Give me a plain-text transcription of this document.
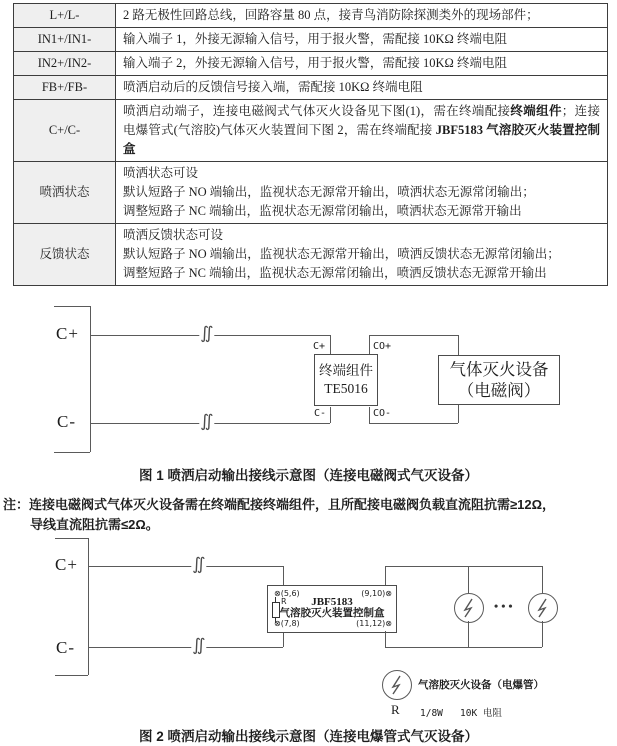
L+/L-	2 路无极性回路总线，回路容量 80 点，接青鸟消防除探测类外的现场部件；
IN1+/IN1-	输入端子 1，外接无源输入信号，用于报火警，需配接 10KΩ 终端电阻
IN2+/IN2-	输入端子 2，外接无源输入信号，用于报火警，需配接 10KΩ 终端电阻
FB+/FB-	喷洒启动后的反馈信号接入端，需配接 10KΩ 终端电阻
C+/C-	喷洒启动端子，连接电磁阀式气体灭火设备见下图(1)，需在终端配接终端组件；连接电爆管式(气溶胶)气体灭火装置间下图 2，需在终端配接 JBF5183 气溶胶灭火装置控制盒
喷洒状态	喷洒状态可设
默认短路子 NO 端输出，监视状态无源常开输出，喷洒状态无源常闭输出；
调整短路子 NC 端输出，监视状态无源常闭输出，喷洒状态无源常开输出

反馈状态	喷洒反馈状态可设
默认短路子 NO 端输出，监视状态无源常开输出，喷洒反馈状态无源常闭输出；
调整短路子 NC 端输出，监视状态无源常闭输出，喷洒反馈状态无源常开输出
C+
C-
∬
C+
∬	C-
终端组件
TE5016
CO+
CO-
气体灭火设备
（电磁阀）
图 1 喷洒启动输出接线示意图（连接电磁阀式气灭设备）
注：连接电磁阀式气体灭火设备需在终端配接终端组件，且所配接电磁阀负载直流阻抗需≥12Ω，
导线直流阻抗需≤2Ω。
C+
C-
∬
∬
⊗(5,6)	(9,10)⊗
⊗(7,8)	(11,12)⊗
R JBF5183
气溶胶灭火装置控制盒
•••
气溶胶灭火设备（电爆管）
R 1/8W   10K 电阻
图 2 喷洒启动输出接线示意图（连接电爆管式气灭设备）
